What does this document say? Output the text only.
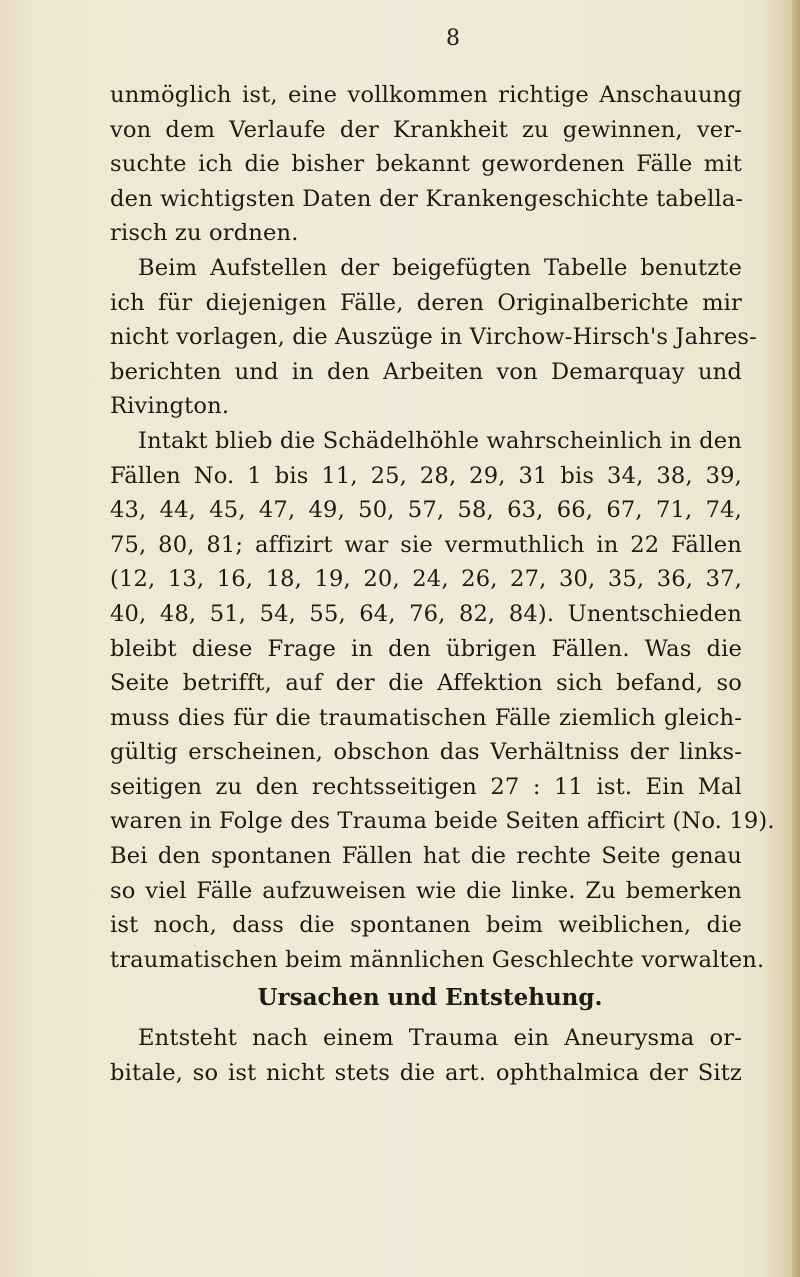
8
unmöglich ist, eine vollkommen richtige Anschauung
von dem Verlaufe der Krankheit zu gewinnen, ver-
suchte ich die bisher bekannt gewordenen Fälle mit
den wichtigsten Daten der Krankengeschichte tabella-
risch zu ordnen.
Beim Aufstellen der beigefügten Tabelle benutzte
ich für diejenigen Fälle, deren Originalberichte mir
nicht vorlagen, die Auszüge in Virchow-Hirsch's Jahres-
berichten und in den Arbeiten von Demarquay und
Rivington.
Intakt blieb die Schädelhöhle wahrscheinlich in den
Fällen No. 1 bis 11, 25, 28, 29, 31 bis 34, 38, 39,
43, 44, 45, 47, 49, 50, 57, 58, 63, 66, 67, 71, 74,
75, 80, 81; affizirt war sie vermuthlich in 22 Fällen
(12, 13, 16, 18, 19, 20, 24, 26, 27, 30, 35, 36, 37,
40, 48, 51, 54, 55, 64, 76, 82, 84). Unentschieden
bleibt diese Frage in den übrigen Fällen. Was die
Seite betrifft, auf der die Affektion sich befand, so
muss dies für die traumatischen Fälle ziemlich gleich-
gültig erscheinen, obschon das Verhältniss der links-
seitigen zu den rechtsseitigen 27 : 11 ist. Ein Mal
waren in Folge des Trauma beide Seiten afficirt (No. 19).
Bei den spontanen Fällen hat die rechte Seite genau
so viel Fälle aufzuweisen wie die linke. Zu bemerken
ist noch, dass die spontanen beim weiblichen, die
traumatischen beim männlichen Geschlechte vorwalten.
Ursachen und Entstehung.
Entsteht nach einem Trauma ein Aneurysma or-
bitale, so ist nicht stets die art. ophthalmica der Sitz
